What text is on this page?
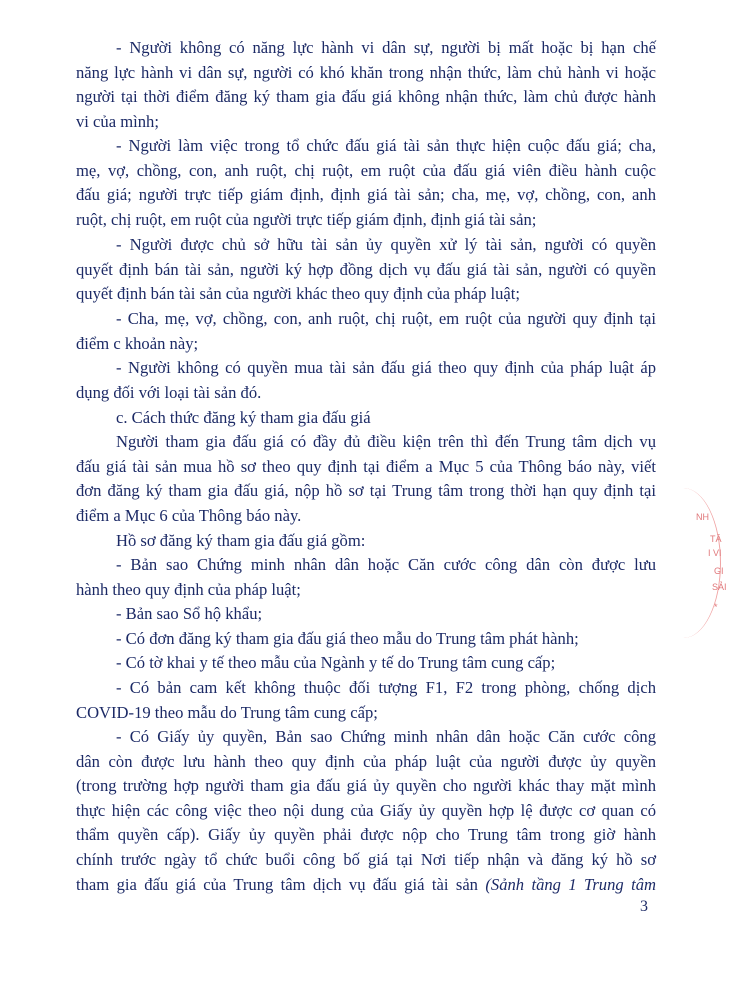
- Người không có năng lực hành vi dân sự, người bị mất hoặc bị hạn chế
năng lực hành vi dân sự, người có khó khăn trong nhận thức, làm chủ hành vi hoặc
người tại thời điểm đăng ký tham gia đấu giá không nhận thức, làm chủ được hành
vi của mình;
- Người làm việc trong tổ chức đấu giá tài sản thực hiện cuộc đấu giá; cha,
mẹ, vợ, chồng, con, anh ruột, chị ruột, em ruột của đấu giá viên điều hành cuộc
đấu giá; người trực tiếp giám định, định giá tài sản; cha, mẹ, vợ, chồng, con, anh
ruột, chị ruột, em ruột của người trực tiếp giám định, định giá tài sản;
- Người được chủ sở hữu tài sản ủy quyền xử lý tài sản, người có quyền
quyết định bán tài sản, người ký hợp đồng dịch vụ đấu giá tài sản, người có quyền
quyết định bán tài sản của người khác theo quy định của pháp luật;
- Cha, mẹ, vợ, chồng, con, anh ruột, chị ruột, em ruột của người quy định tại
điểm c khoản này;
- Người không có quyền mua tài sản đấu giá theo quy định của pháp luật áp
dụng đối với loại tài sản đó.
c. Cách thức đăng ký tham gia đấu giá
Người tham gia đấu giá có đầy đủ điều kiện trên thì đến Trung tâm dịch vụ
đấu giá tài sản mua hồ sơ theo quy định tại điểm a Mục 5 của Thông báo này, viết
đơn đăng ký tham gia đấu giá, nộp hồ sơ tại Trung tâm trong thời hạn quy định tại
điểm a Mục 6 của Thông báo này.
Hồ sơ đăng ký tham gia đấu giá gồm:
- Bản sao Chứng minh nhân dân hoặc Căn cước công dân còn được lưu
hành theo quy định của pháp luật;
- Bản sao Sổ hộ khẩu;
- Có đơn đăng ký tham gia đấu giá theo mẫu do Trung tâm phát hành;
- Có tờ khai y tế theo mẫu của Ngành y tế do Trung tâm cung cấp;
- Có bản cam kết không thuộc đối tượng F1, F2 trong phòng, chống dịch
COVID-19 theo mẫu do Trung tâm cung cấp;
- Có Giấy ủy quyền, Bản sao Chứng minh nhân dân hoặc Căn cước công
dân còn được lưu hành theo quy định của pháp luật của người được ủy quyền
(trong trường hợp người tham gia đấu giá ủy quyền cho người khác thay mặt mình
thực hiện các công việc theo nội dung của Giấy ủy quyền hợp lệ được cơ quan có
thẩm quyền cấp). Giấy ủy quyền phải được nộp cho Trung tâm trong giờ hành
chính trước ngày tổ chức buổi công bố giá tại Nơi tiếp nhận và đăng ký hồ sơ
tham gia đấu giá của Trung tâm dịch vụ đấu giá tài sản (Sảnh tầng 1 Trung tâm
3
NH
TÂ
I VI
GI
SẢI
*
